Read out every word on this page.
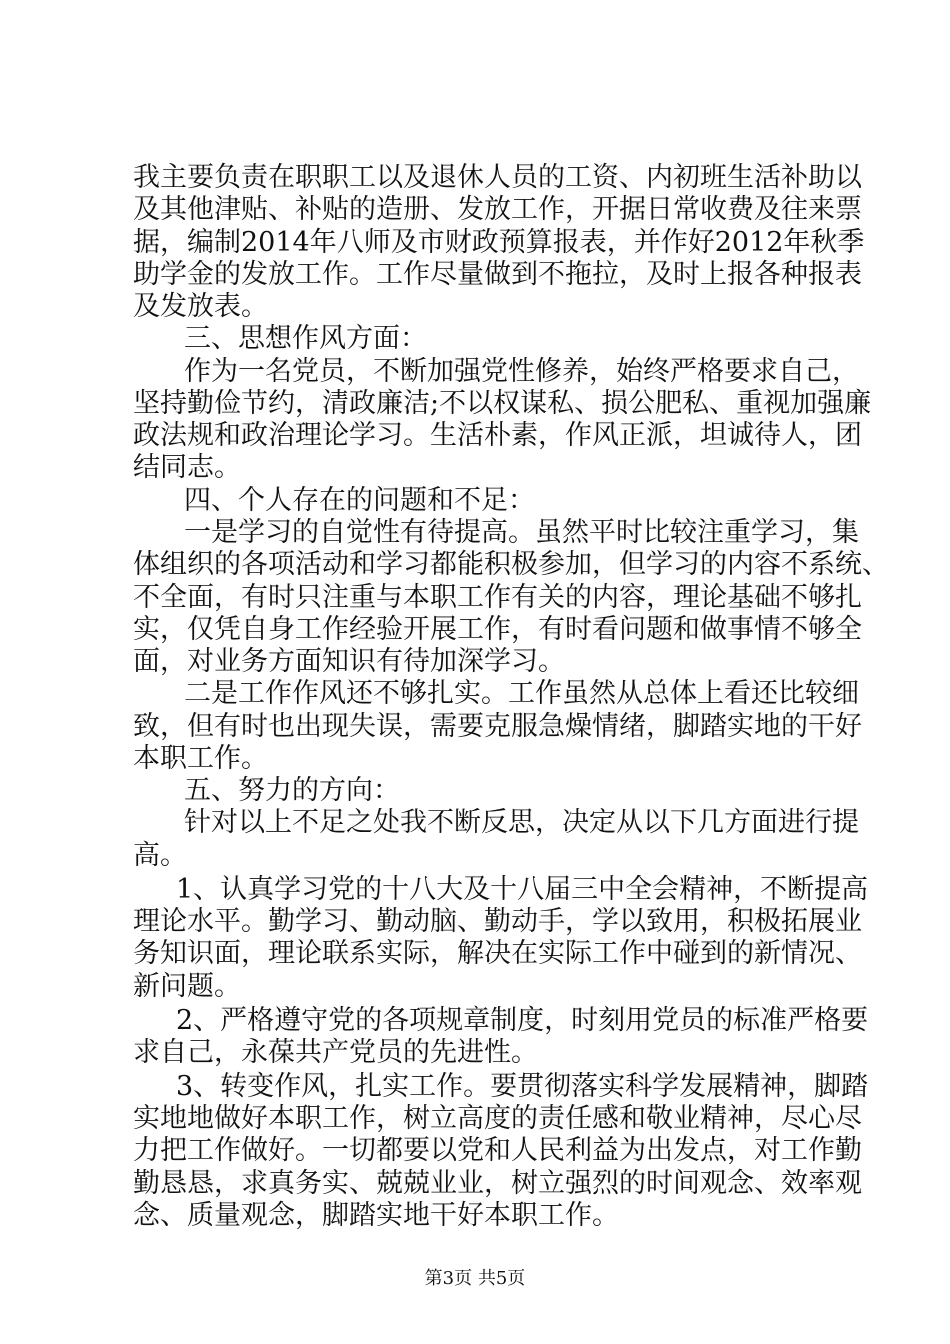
我主要负责在职职工以及退休人员的工资、内初班生活补助以
及其他津贴、补贴的造册、发放工作，开据日常收费及往来票
据，编制2014年八师及市财政预算报表，并作好2012年秋季
助学金的发放工作。工作尽量做到不拖拉，及时上报各种报表
及发放表。
三、思想作风方面：
作为一名党员，不断加强党性修养，始终严格要求自己，
坚持勤俭节约，清政廉洁;不以权谋私、损公肥私、重视加强廉
政法规和政治理论学习。生活朴素，作风正派，坦诚待人，团
结同志。
四、个人存在的问题和不足：
一是学习的自觉性有待提高。虽然平时比较注重学习，集
体组织的各项活动和学习都能积极参加，但学习的内容不系统、
不全面，有时只注重与本职工作有关的内容，理论基础不够扎
实，仅凭自身工作经验开展工作，有时看问题和做事情不够全
面，对业务方面知识有待加深学习。
二是工作作风还不够扎实。工作虽然从总体上看还比较细
致，但有时也出现失误，需要克服急燥情绪，脚踏实地的干好
本职工作。
五、努力的方向：
针对以上不足之处我不断反思，决定从以下几方面进行提
高。
1、认真学习党的十八大及十八届三中全会精神，不断提高
理论水平。勤学习、勤动脑、勤动手，学以致用，积极拓展业
务知识面，理论联系实际，解决在实际工作中碰到的新情况、
新问题。
2、严格遵守党的各项规章制度，时刻用党员的标准严格要
求自己，永葆共产党员的先进性。
3、转变作风，扎实工作。要贯彻落实科学发展精神，脚踏
实地地做好本职工作，树立高度的责任感和敬业精神，尽心尽
力把工作做好。一切都要以党和人民利益为出发点，对工作勤
勤恳恳，求真务实、兢兢业业，树立强烈的时间观念、效率观
念、质量观念，脚踏实地干好本职工作。
第3页 共5页
